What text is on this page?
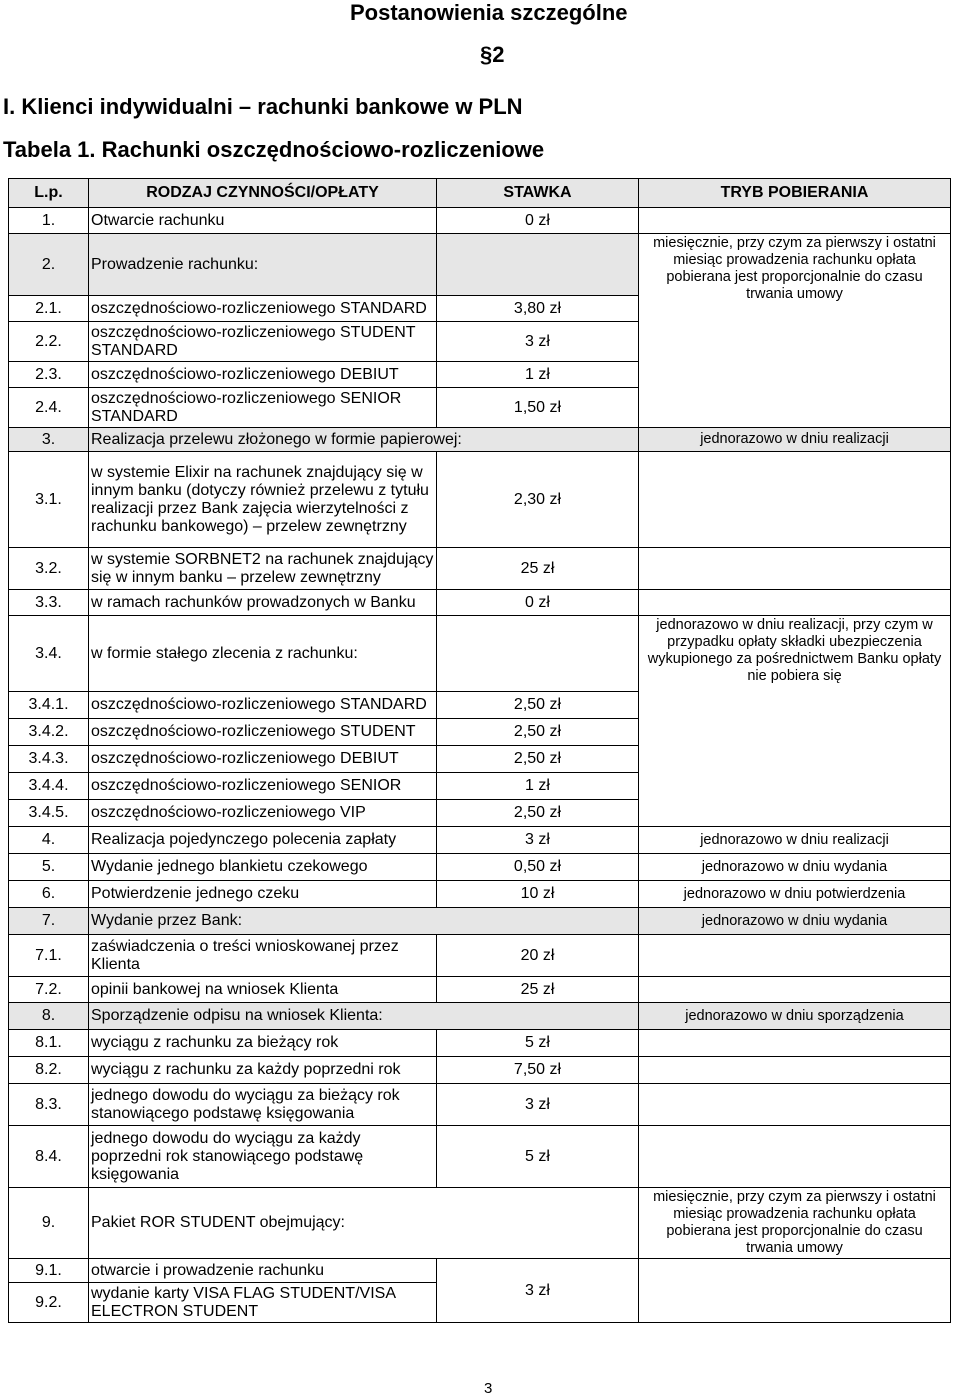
Postanowienia szczególne
§2
I. Klienci indywidualni – rachunki bankowe w PLN
Tabela 1. Rachunki oszczędnościowo-rozliczeniowe
L.p.	RODZAJ CZYNNOŚCI/OPŁATY	STAWKA	TRYB POBIERANIA
1.	Otwarcie rachunku	0 zł	
2.	Prowadzenie rachunku:		miesięcznie, przy czym za pierwszy i ostatni miesiąc prowadzenia rachunku opłata pobierana jest proporcjonalnie do czasu trwania umowy
2.1.	oszczędnościowo-rozliczeniowego STANDARD	3,80 zł	
2.2.	oszczędnościowo-rozliczeniowego STUDENT STANDARD	3 zł	
2.3.	oszczędnościowo-rozliczeniowego DEBIUT	1 zł	
2.4.	oszczędnościowo-rozliczeniowego SENIOR STANDARD	1,50 zł	
3.	Realizacja przelewu złożonego w formie papierowej:		jednorazowo w dniu realizacji
3.1.	w systemie Elixir na rachunek znajdujący się w innym banku (dotyczy również przelewu z tytułu realizacji przez Bank zajęcia wierzytelności z rachunku bankowego) – przelew zewnętrzny	2,30 zł	
3.2.	w systemie SORBNET2 na rachunek znajdujący się w innym banku – przelew zewnętrzny	25 zł	
3.3.	w ramach rachunków prowadzonych w Banku	0 zł	
3.4.	w formie stałego zlecenia z rachunku:		jednorazowo w dniu realizacji, przy czym w przypadku opłaty składki ubezpieczenia wykupionego za pośrednictwem Banku opłaty nie pobiera się
3.4.1.	oszczędnościowo-rozliczeniowego STANDARD	2,50 zł	
3.4.2.	oszczędnościowo-rozliczeniowego STUDENT	2,50 zł	
3.4.3.	oszczędnościowo-rozliczeniowego DEBIUT	2,50 zł	
3.4.4.	oszczędnościowo-rozliczeniowego SENIOR	1 zł	
3.4.5.	oszczędnościowo-rozliczeniowego VIP	2,50 zł	
4.	Realizacja pojedynczego polecenia zapłaty	3 zł	jednorazowo w dniu realizacji
5.	Wydanie jednego blankietu czekowego	0,50 zł	jednorazowo w dniu wydania
6.	Potwierdzenie jednego czeku	10 zł	jednorazowo w dniu potwierdzenia
7.	Wydanie przez Bank:		jednorazowo w dniu wydania
7.1.	zaświadczenia o treści wnioskowanej przez Klienta	20 zł	
7.2.	opinii bankowej na wniosek Klienta	25 zł	
8.	Sporządzenie odpisu na wniosek Klienta:		jednorazowo w dniu sporządzenia
8.1.	wyciągu z rachunku za bieżący rok	5 zł	
8.2.	wyciągu z rachunku za każdy poprzedni rok	7,50 zł	
8.3.	jednego dowodu do wyciągu za bieżący rok stanowiącego podstawę księgowania	3 zł	
8.4.	jednego dowodu do wyciągu za każdy poprzedni rok stanowiącego podstawę księgowania	5 zł	
9.	Pakiet ROR STUDENT obejmujący:		miesięcznie, przy czym za pierwszy i ostatni miesiąc prowadzenia rachunku opłata pobierana jest proporcjonalnie do czasu trwania umowy
9.1.	otwarcie i prowadzenie rachunku	3 zł	
9.2.	wydanie karty VISA FLAG STUDENT/VISA ELECTRON STUDENT		
3
